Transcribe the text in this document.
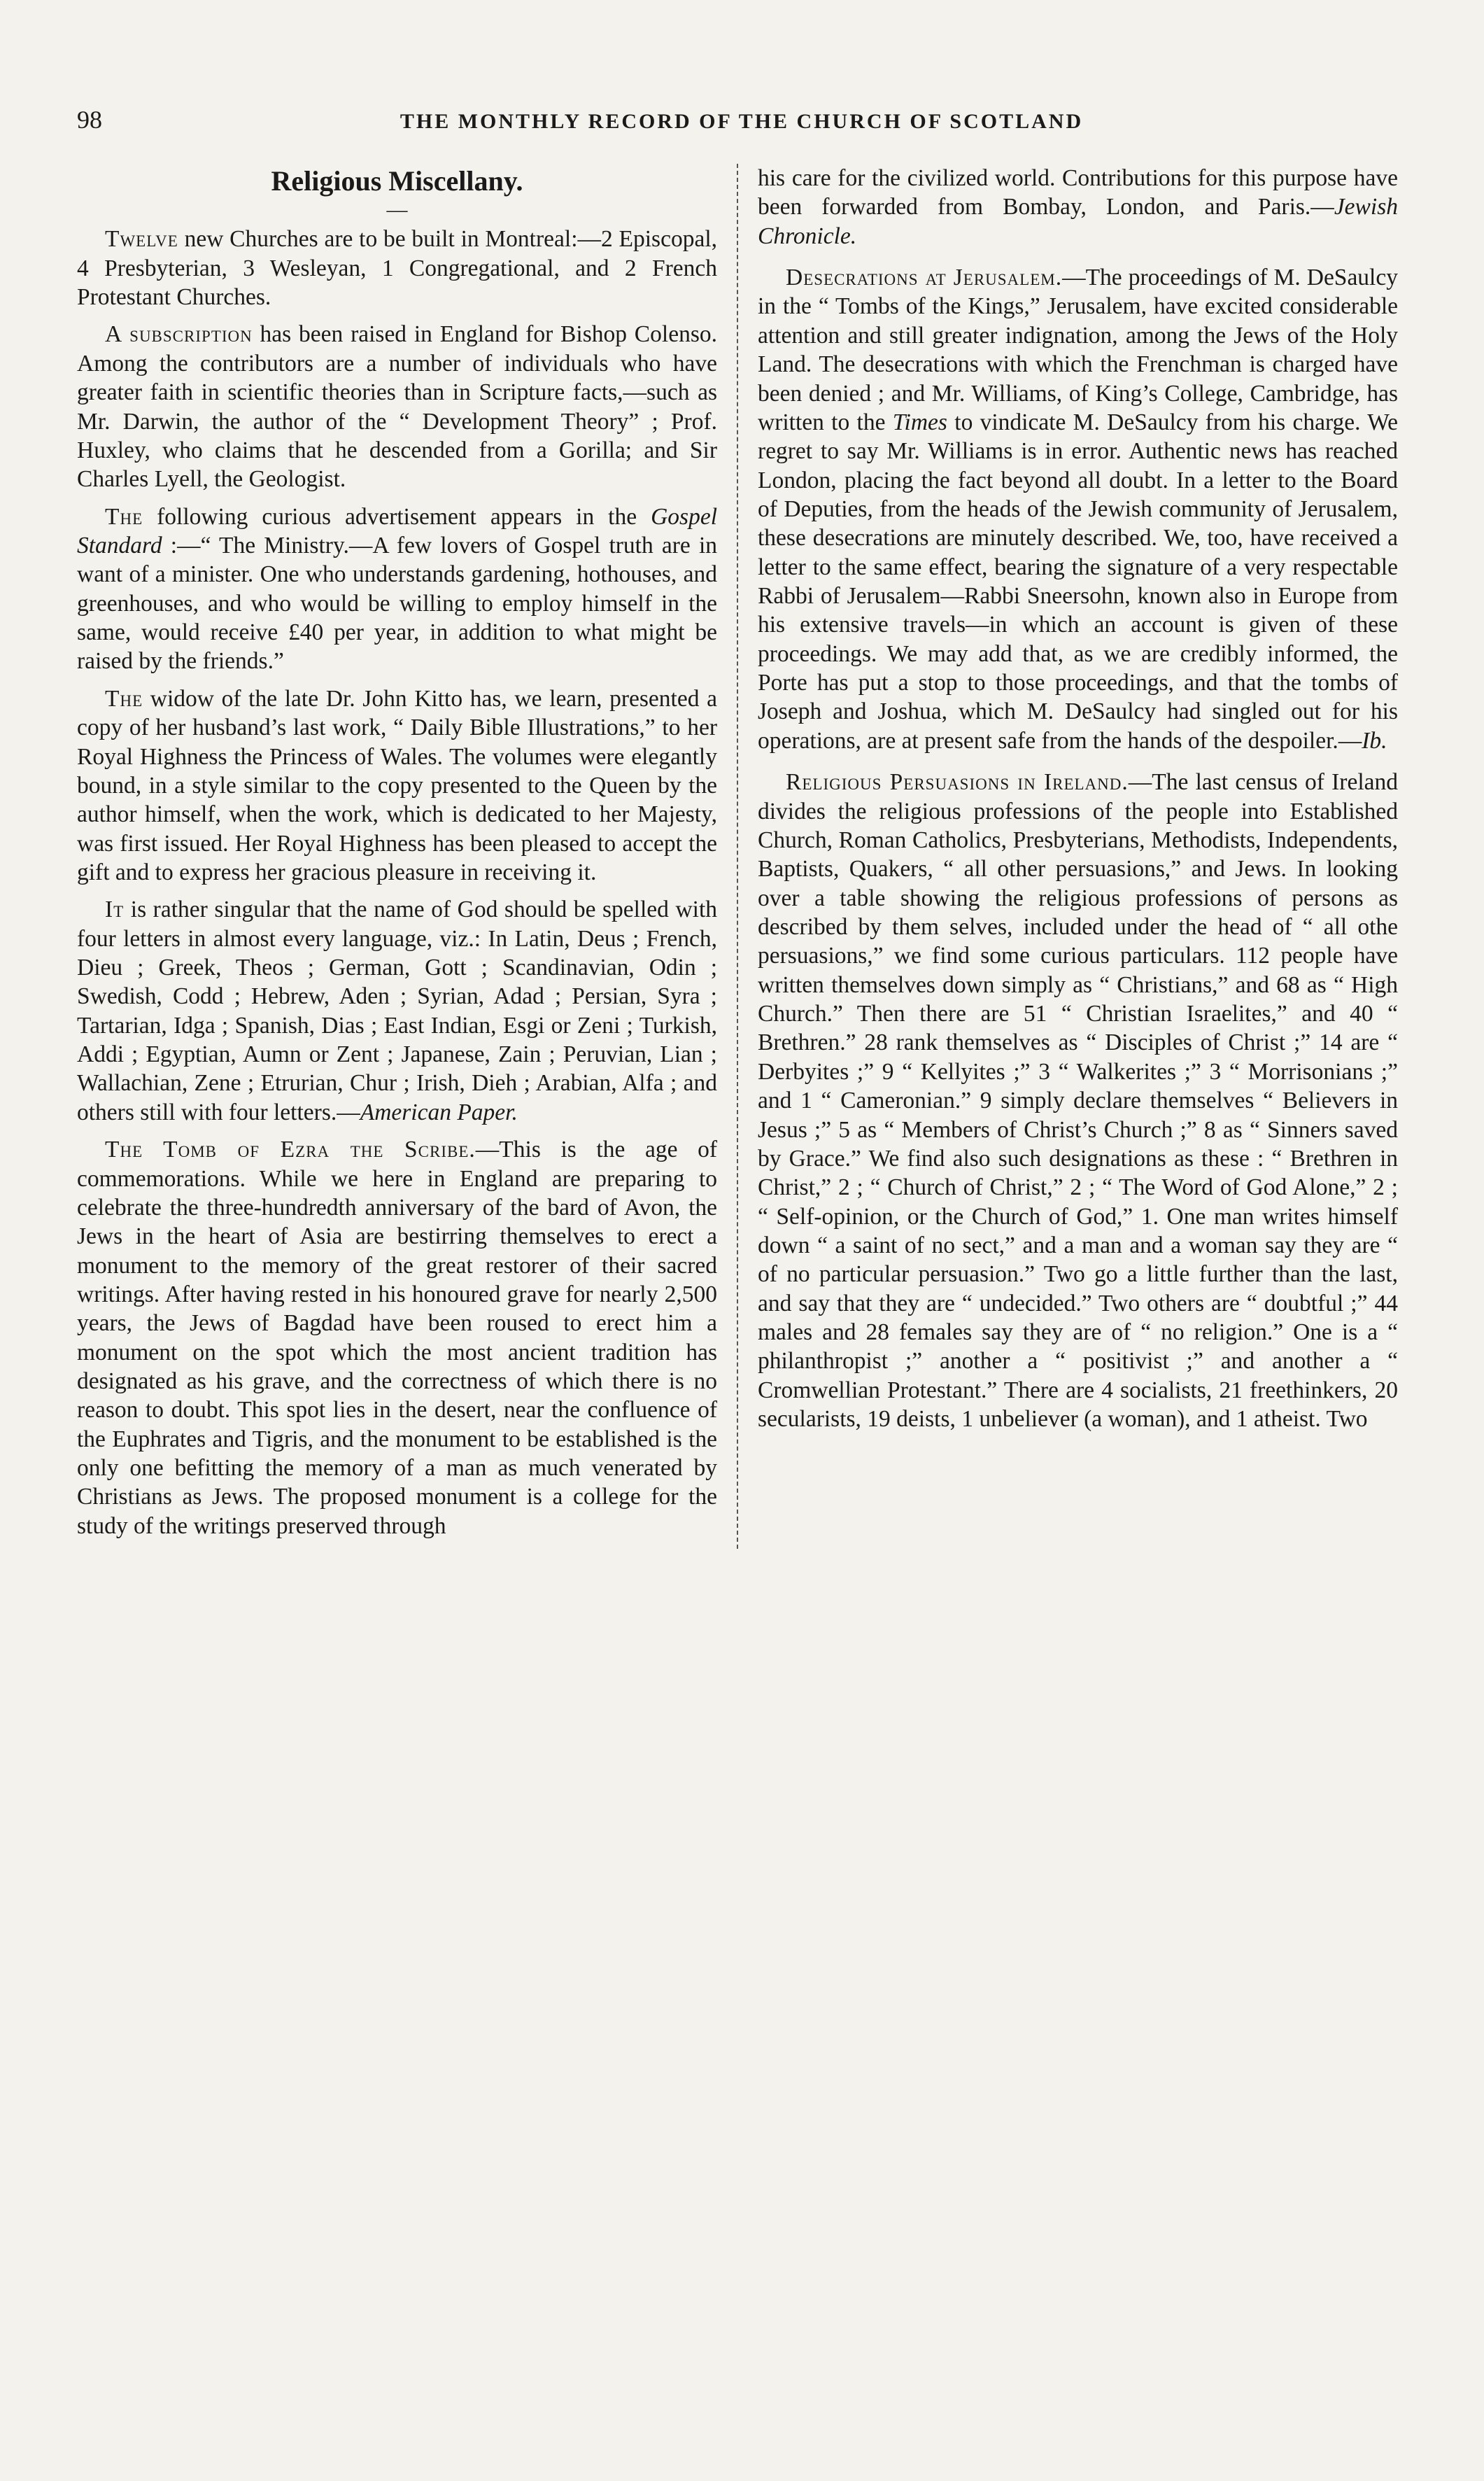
98	THE MONTHLY RECORD OF THE CHURCH OF SCOTLAND
Religious Miscellany.
—

Twelve new Churches are to be built in Montreal:—2 Episcopal, 4 Presbyterian, 3 Wesleyan, 1 Congregational, and 2 French Protestant Churches.

A subscription has been raised in England for Bishop Colenso. Among the contributors are a number of individuals who have greater faith in scientific theories than in Scripture facts,—such as Mr. Darwin, the author of the “ Development Theory” ; Prof. Huxley, who claims that he descended from a Gorilla; and Sir Charles Lyell, the Geologist.

The following curious advertisement appears in the Gospel Standard :—“ The Ministry.—A few lovers of Gospel truth are in want of a minister. One who understands gardening, hothouses, and greenhouses, and who would be willing to employ himself in the same, would receive £40 per year, in addition to what might be raised by the friends.”

The widow of the late Dr. John Kitto has, we learn, presented a copy of her husband’s last work, “ Daily Bible Illustrations,” to her Royal Highness the Princess of Wales. The volumes were elegantly bound, in a style similar to the copy presented to the Queen by the author himself, when the work, which is dedicated to her Majesty, was first issued. Her Royal Highness has been pleased to accept the gift and to express her gracious pleasure in receiving it.

It is rather singular that the name of God should be spelled with four letters in almost every language, viz.: In Latin, Deus ; French, Dieu ; Greek, Theos ; German, Gott ; Scandinavian, Odin ; Swedish, Codd ; Hebrew, Aden ; Syrian, Adad ; Persian, Syra ; Tartarian, Idga ; Spanish, Dias ; East Indian, Esgi or Zeni ; Turkish, Addi ; Egyptian, Aumn or Zent ; Japanese, Zain ; Peruvian, Lian ; Wallachian, Zene ; Etrurian, Chur ; Irish, Dieh ; Arabian, Alfa ; and others still with four letters.—American Paper.

The Tomb of Ezra the Scribe.—This is the age of commemorations. While we here in England are preparing to celebrate the three-hundredth anniversary of the bard of Avon, the Jews in the heart of Asia are bestirring themselves to erect a monument to the memory of the great restorer of their sacred writings. After having rested in his honoured grave for nearly 2,500 years, the Jews of Bagdad have been roused to erect him a monument on the spot which the most ancient tradition has designated as his grave, and the correctness of which there is no reason to doubt. This spot lies in the desert, near the confluence of the Euphrates and Tigris, and the monument to be established is the only one befitting the memory of a man as much venerated by Christians as Jews. The proposed monument is a college for the study of the writings preserved through

his care for the civilized world. Contributions for this purpose have been forwarded from Bombay, London, and Paris.—Jewish Chronicle.

Desecrations at Jerusalem.—The proceedings of M. DeSaulcy in the “ Tombs of the Kings,” Jerusalem, have excited considerable attention and still greater indignation, among the Jews of the Holy Land. The desecrations with which the Frenchman is charged have been denied ; and Mr. Williams, of King’s College, Cambridge, has written to the Times to vindicate M. DeSaulcy from his charge. We regret to say Mr. Williams is in error. Authentic news has reached London, placing the fact beyond all doubt. In a letter to the Board of Deputies, from the heads of the Jewish community of Jerusalem, these desecrations are minutely described. We, too, have received a letter to the same effect, bearing the signature of a very respectable Rabbi of Jerusalem—Rabbi Sneersohn, known also in Europe from his extensive travels—in which an account is given of these proceedings. We may add that, as we are credibly informed, the Porte has put a stop to those proceedings, and that the tombs of Joseph and Joshua, which M. DeSaulcy had singled out for his operations, are at present safe from the hands of the despoiler.—Ib.

Religious Persuasions in Ireland.—The last census of Ireland divides the religious professions of the people into Established Church, Roman Catholics, Presbyterians, Methodists, Independents, Baptists, Quakers, “ all other persuasions,” and Jews. In looking over a table showing the religious professions of persons as described by them selves, included under the head of “ all othe persuasions,” we find some curious particulars. 112 people have written themselves down simply as “ Christians,” and 68 as “ High Church.” Then there are 51 “ Christian Israelites,” and 40 “ Brethren.” 28 rank themselves as “ Disciples of Christ ;” 14 are “ Derbyites ;” 9 “ Kellyites ;” 3 “ Walkerites ;” 3 “ Morrisonians ;” and 1 “ Cameronian.” 9 simply declare themselves “ Believers in Jesus ;” 5 as “ Members of Christ’s Church ;” 8 as “ Sinners saved by Grace.” We find also such designations as these : “ Brethren in Christ,” 2 ; “ Church of Christ,” 2 ; “ The Word of God Alone,” 2 ; “ Self-opinion, or the Church of God,” 1. One man writes himself down “ a saint of no sect,” and a man and a woman say they are “ of no particular persuasion.” Two go a little further than the last, and say that they are “ undecided.” Two others are “ doubtful ;” 44 males and 28 females say they are of “ no religion.” One is a “ philanthropist ;” another a “ positivist ;” and another a “ Cromwellian Protestant.” There are 4 socialists, 21 freethinkers, 20 secularists, 19 deists, 1 unbeliever (a woman), and 1 atheist. Two
